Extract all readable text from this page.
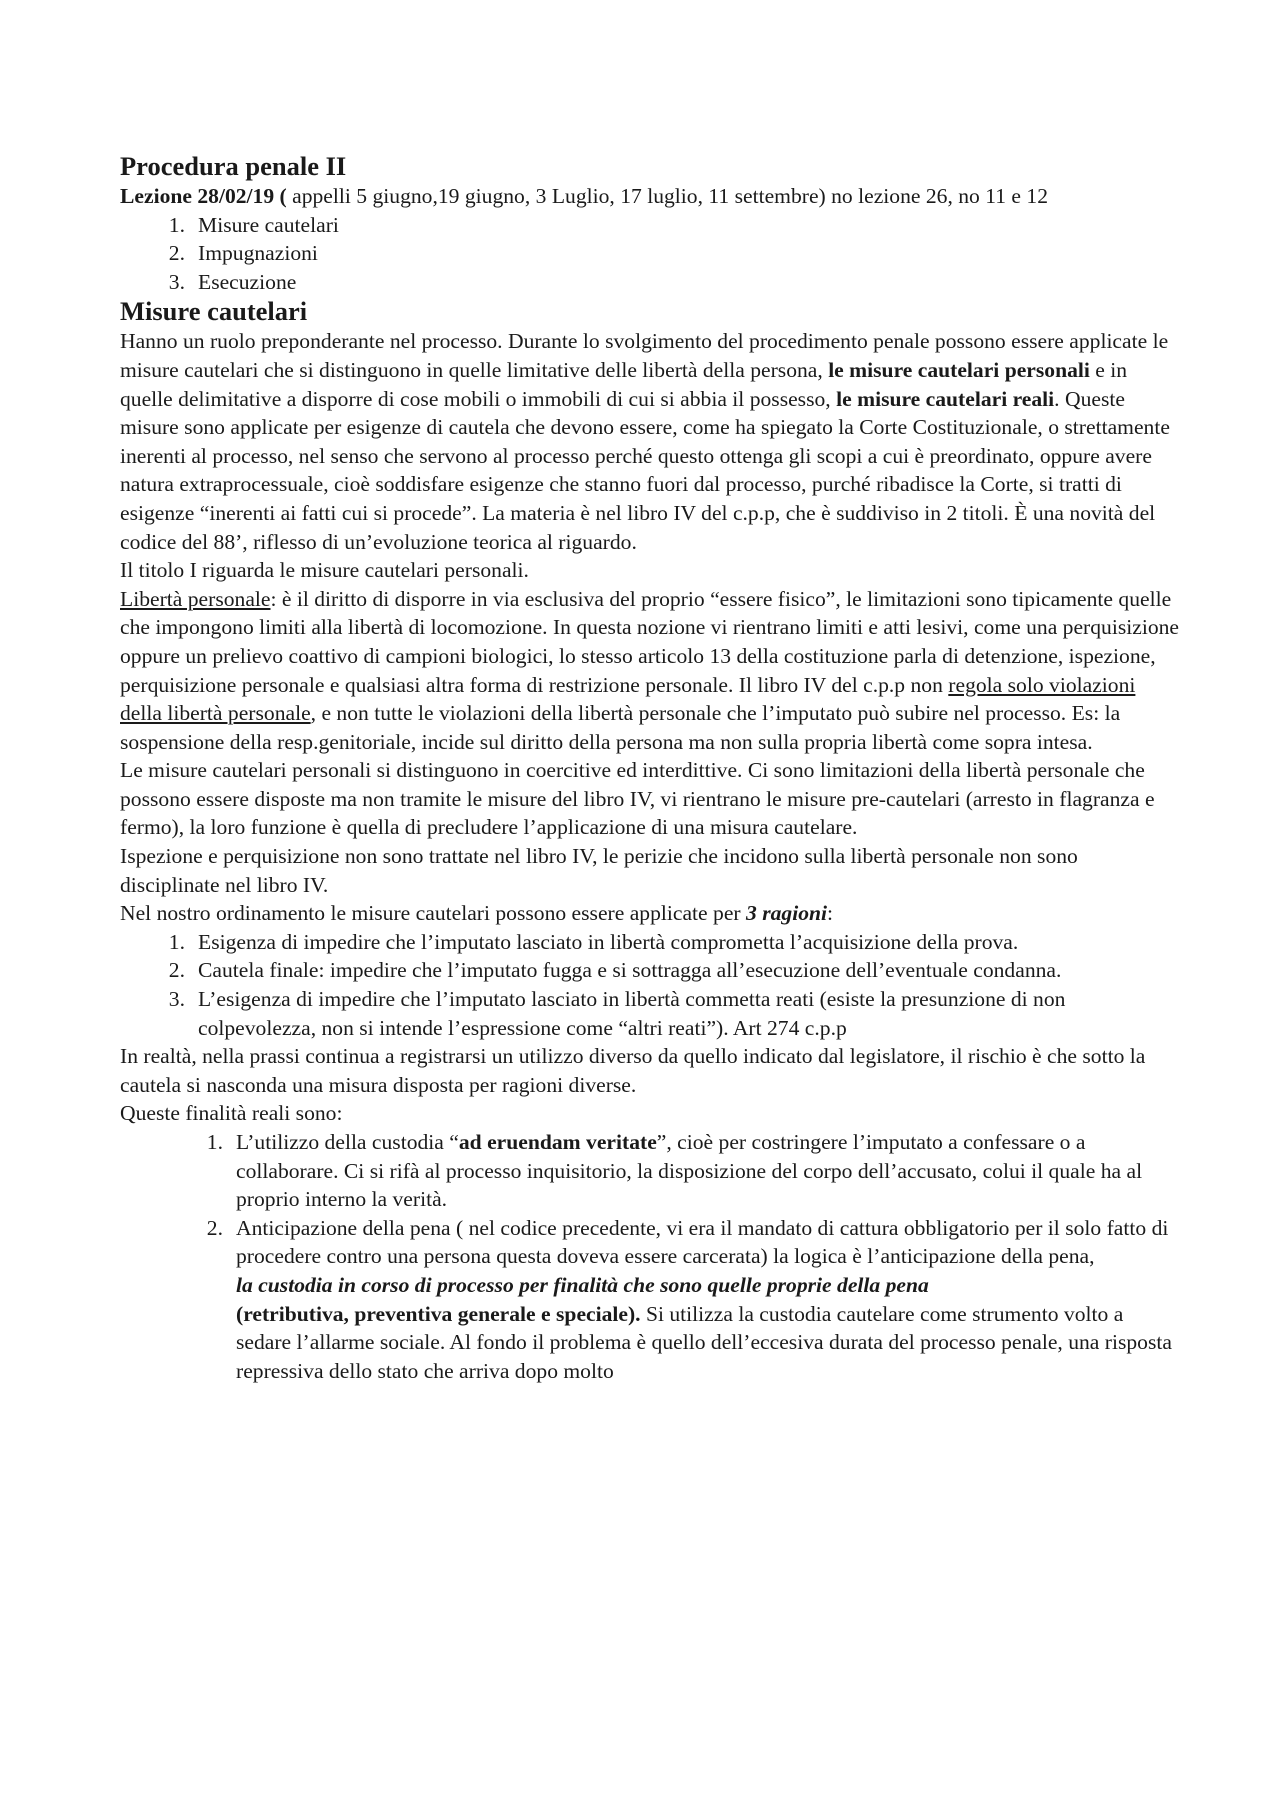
Procedura penale II

Lezione 28/02/19 ( appelli 5 giugno,19 giugno, 3 Luglio, 17 luglio, 11 settembre) no lezione 26, no 11 e 12

1. Misure cautelari
2. Impugnazioni
3. Esecuzione
Misure cautelari

Hanno un ruolo preponderante nel processo. Durante lo svolgimento del procedimento penale possono essere applicate le misure cautelari che si distinguono in quelle limitative delle libertà della persona, le misure cautelari personali e in quelle delimitative a disporre di cose mobili o immobili di cui si abbia il possesso, le misure cautelari reali. Queste misure sono applicate per esigenze di cautela che devono essere, come ha spiegato la Corte Costituzionale, o strettamente inerenti al processo, nel senso che servono al processo perché questo ottenga gli scopi a cui è preordinato, oppure avere natura extraprocessuale, cioè soddisfare esigenze che stanno fuori dal processo, purché ribadisce la Corte, si tratti di esigenze “inerenti ai fatti cui si procede”. La materia è nel libro IV del c.p.p, che è suddiviso in 2 titoli. È una novità del codice del 88’, riflesso di un’evoluzione teorica al riguardo.

Il titolo I riguarda le misure cautelari personali.

Libertà personale: è il diritto di disporre in via esclusiva del proprio “essere fisico”, le limitazioni sono tipicamente quelle che impongono limiti alla libertà di locomozione. In questa nozione vi rientrano limiti e atti lesivi, come una perquisizione oppure un prelievo coattivo di campioni biologici, lo stesso articolo 13 della costituzione parla di detenzione, ispezione, perquisizione personale e qualsiasi altra forma di restrizione personale. Il libro IV del c.p.p non regola solo violazioni della libertà personale, e non tutte le violazioni della libertà personale che l’imputato può subire nel processo. Es: la sospensione della resp.genitoriale, incide sul diritto della persona ma non sulla propria libertà come sopra intesa.

Le misure cautelari personali si distinguono in coercitive ed interdittive. Ci sono limitazioni della libertà personale che possono essere disposte ma non tramite le misure del libro IV, vi rientrano le misure pre-cautelari (arresto in flagranza e fermo), la loro funzione è quella di precludere l’applicazione di una misura cautelare.

Ispezione e perquisizione non sono trattate nel libro IV, le perizie che incidono sulla libertà personale non sono disciplinate nel libro IV.

Nel nostro ordinamento le misure cautelari possono essere applicate per 3 ragioni:

1. Esigenza di impedire che l’imputato lasciato in libertà comprometta l’acquisizione della prova.
2. Cautela finale: impedire che l’imputato fugga e si sottragga all’esecuzione dell’eventuale condanna.
3. L’esigenza di impedire che l’imputato lasciato in libertà commetta reati (esiste la presunzione di non colpevolezza, non si intende l’espressione come “altri reati”). Art 274 c.p.p

In realtà, nella prassi continua a registrarsi un utilizzo diverso da quello indicato dal legislatore, il rischio è che sotto la cautela si nasconda una misura disposta per ragioni diverse.

Queste finalità reali sono:

1. L’utilizzo della custodia “ad eruendam veritate”, cioè per costringere l’imputato a confessare o a collaborare. Ci si rifà al processo inquisitorio, la disposizione del corpo dell’accusato, colui il quale ha al proprio interno la verità.
2. Anticipazione della pena ( nel codice precedente, vi era il mandato di cattura obbligatorio per il solo fatto di procedere contro una persona questa doveva essere carcerata) la logica è l’anticipazione della pena,
la custodia in corso di processo per finalità che sono quelle proprie della pena
(retributiva, preventiva generale e speciale). Si utilizza la custodia cautelare come strumento volto a sedare l’allarme sociale. Al fondo il problema è quello dell’eccesiva durata del processo penale, una risposta repressiva dello stato che arriva dopo molto
